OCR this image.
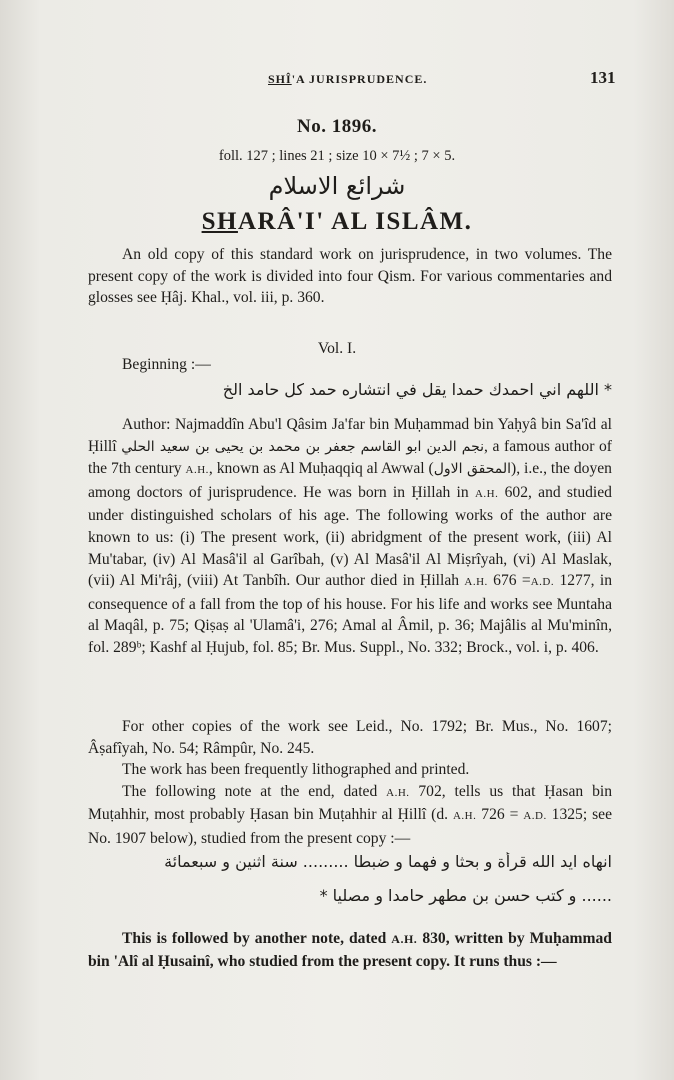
SHÎ'A JURISPRUDENCE.	131
No. 1896.
foll. 127 ; lines 21 ; size 10 × 7½ ; 7 × 5.
شرائع الاسلام
SHARÂ'I' AL ISLÂM.

An old copy of this standard work on jurisprudence, in two volumes. The present copy of the work is divided into four Qism. For various commentaries and glosses see Ḥâj. Khal., vol. iii, p. 360.

Vol. I.
Beginning :—
* اللهم اني احمدك حمدا يقل في انتشاره حمد كل حامد الخ

Author: Najmaddîn Abu'l Qâsim Ja'far bin Muḥammad bin Yaḥyâ bin Sa'îd al Ḥillî نجم الدين ابو القاسم جعفر بن محمد بن يحيى بن سعيد الحلي, a famous author of the 7th century A.H., known as Al Muḥaqqiq al Awwal (المحقق الاول), i.e., the doyen among doctors of jurisprudence. He was born in Ḥillah in A.H. 602, and studied under distinguished scholars of his age. The following works of the author are known to us: (i) The present work, (ii) abridgment of the present work, (iii) Al Mu'tabar, (iv) Al Masâ'il al Garîbah, (v) Al Masâ'il Al Miṣrîyah, (vi) Al Maslak, (vii) Al Mi'râj, (viii) At Tanbîh. Our author died in Ḥillah A.H. 676 =A.D. 1277, in consequence of a fall from the top of his house. For his life and works see Muntaha al Maqâl, p. 75; Qiṣaṣ al 'Ulamâ'i, 276; Amal al Âmil, p. 36; Majâlis al Mu'minîn, fol. 289ᵇ; Kashf al Ḥujub, fol. 85; Br. Mus. Suppl., No. 332; Brock., vol. i, p. 406.

For other copies of the work see Leid., No. 1792; Br. Mus., No. 1607; Âṣafîyah, No. 54; Râmpûr, No. 245.

The work has been frequently lithographed and printed.

The following note at the end, dated A.H. 702, tells us that Ḥasan bin Muṭahhir, most probably Ḥasan bin Muṭahhir al Ḥillî (d. A.H. 726 = A.D. 1325; see No. 1907 below), studied from the present copy :—

انهاه ايد الله قرأة و بحثا و فهما و ضبطا ......... سنة اثنين و سبعمائة
...... و كتب حسن بن مطهر حامدا و مصليا *

This is followed by another note, dated A.H. 830, written by Muḥammad bin 'Alî al Ḥusainî, who studied from the present copy. It runs thus :—
